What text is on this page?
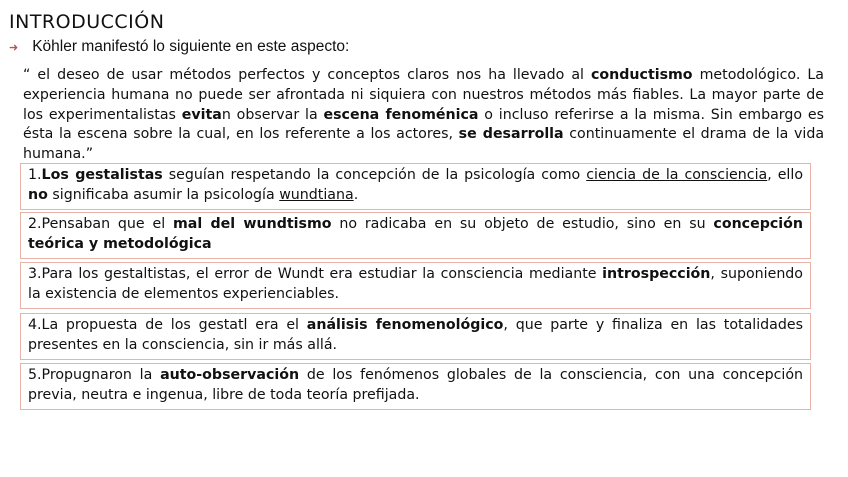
INTRODUCCIÓN
➜ Köhler manifestó lo siguiente en este aspecto:

“ el deseo de usar métodos perfectos y conceptos claros nos ha llevado al conductismo metodológico. La experiencia humana no puede ser afrontada ni siquiera con nuestros métodos más fiables. La mayor parte de los experimentalistas evitan observar la escena fenoménica o incluso referirse a la misma. Sin embargo es ésta la escena sobre la cual, en los referente a los actores, se desarrolla continuamente el drama de la vida humana.”

1.Los gestalistas seguían respetando la concepción de la psicología como ciencia de la consciencia, ello no significaba asumir la psicología wundtiana.

2.Pensaban que el mal del wundtismo no radicaba en su objeto de estudio, sino en su concepción teórica y metodológica

3.Para los gestaltistas, el error de Wundt era estudiar la consciencia mediante introspección, suponiendo la existencia de elementos experienciables.

4.La propuesta de los gestatl era el análisis fenomenológico, que parte y finaliza en las totalidades presentes en la consciencia, sin ir más allá.

5.Propugnaron la auto-observación de los fenómenos globales de la consciencia, con una concepción previa, neutra e ingenua, libre de toda teoría prefijada.
